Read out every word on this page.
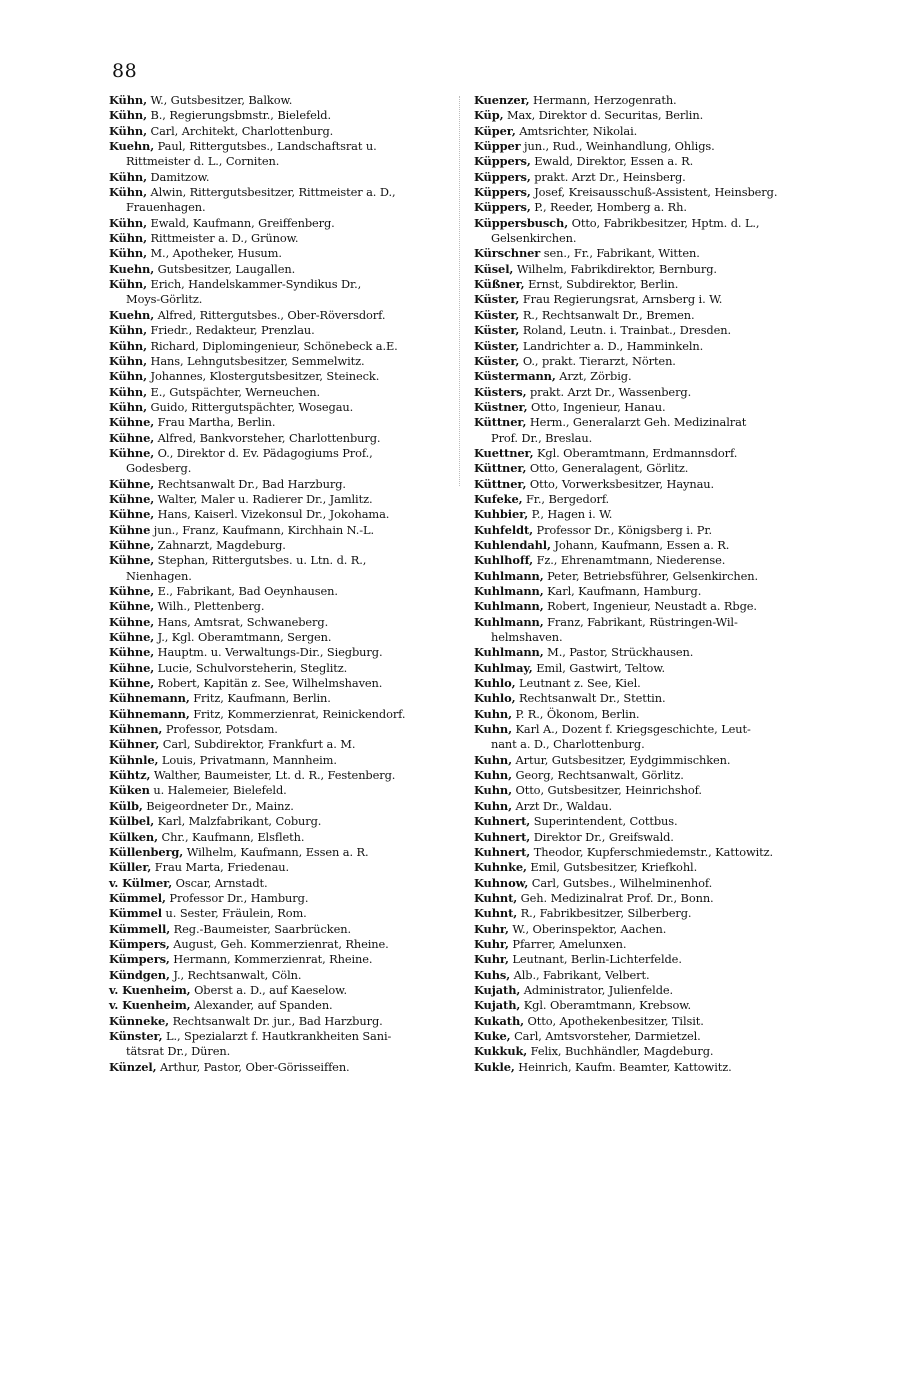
88
Kühn, W., Gutsbesitzer, Balkow.
Kühn, B., Regierungsbmstr., Bielefeld.
Kühn, Carl, Architekt, Charlottenburg.
Kuehn, Paul, Rittergutsbes., Landschaftsrat u.
Rittmeister d. L., Corniten.
Kühn, Damitzow.
Kühn, Alwin, Rittergutsbesitzer, Rittmeister a. D.,
Frauenhagen.
Kühn, Ewald, Kaufmann, Greiffenberg.
Kühn, Rittmeister a. D., Grünow.
Kühn, M., Apotheker, Husum.
Kuehn, Gutsbesitzer, Laugallen.
Kühn, Erich, Handelskammer-Syndikus Dr.,
Moys-Görlitz.
Kuehn, Alfred, Rittergutsbes., Ober-Röversdorf.
Kühn, Friedr., Redakteur, Prenzlau.
Kühn, Richard, Diplomingenieur, Schönebeck a.E.
Kühn, Hans, Lehngutsbesitzer, Semmelwitz.
Kühn, Johannes, Klostergutsbesitzer, Steineck.
Kühn, E., Gutspächter, Werneuchen.
Kühn, Guido, Rittergutspächter, Wosegau.
Kühne, Frau Martha, Berlin.
Kühne, Alfred, Bankvorsteher, Charlottenburg.
Kühne, O., Direktor d. Ev. Pädagogiums Prof.,
Godesberg.
Kühne, Rechtsanwalt Dr., Bad Harzburg.
Kühne, Walter, Maler u. Radierer Dr., Jamlitz.
Kühne, Hans, Kaiserl. Vizekonsul Dr., Jokohama.
Kühne jun., Franz, Kaufmann, Kirchhain N.-L.
Kühne, Zahnarzt, Magdeburg.
Kühne, Stephan, Rittergutsbes. u. Ltn. d. R.,
Nienhagen.
Kühne, E., Fabrikant, Bad Oeynhausen.
Kühne, Wilh., Plettenberg.
Kühne, Hans, Amtsrat, Schwaneberg.
Kühne, J., Kgl. Oberamtmann, Sergen.
Kühne, Hauptm. u. Verwaltungs-Dir., Siegburg.
Kühne, Lucie, Schulvorsteherin, Steglitz.
Kühne, Robert, Kapitän z. See, Wilhelmshaven.
Kühnemann, Fritz, Kaufmann, Berlin.
Kühnemann, Fritz, Kommerzienrat, Reinickendorf.
Kühnen, Professor, Potsdam.
Kühner, Carl, Subdirektor, Frankfurt a. M.
Kühnle, Louis, Privatmann, Mannheim.
Kühtz, Walther, Baumeister, Lt. d. R., Festenberg.
Küken u. Halemeier, Bielefeld.
Külb, Beigeordneter Dr., Mainz.
Külbel, Karl, Malzfabrikant, Coburg.
Külken, Chr., Kaufmann, Elsfleth.
Küllenberg, Wilhelm, Kaufmann, Essen a. R.
Küller, Frau Marta, Friedenau.
v. Külmer, Oscar, Arnstadt.
Kümmel, Professor Dr., Hamburg.
Kümmel u. Sester, Fräulein, Rom.
Kümmell, Reg.-Baumeister, Saarbrücken.
Kümpers, August, Geh. Kommerzienrat, Rheine.
Kümpers, Hermann, Kommerzienrat, Rheine.
Kündgen, J., Rechtsanwalt, Cöln.
v. Kuenheim, Oberst a. D., auf Kaeselow.
v. Kuenheim, Alexander, auf Spanden.
Künneke, Rechtsanwalt Dr. jur., Bad Harzburg.
Künster, L., Spezialarzt f. Hautkrankheiten Sani-
tätsrat Dr., Düren.
Künzel, Arthur, Pastor, Ober-Görisseiffen.
Kuenzer, Hermann, Herzogenrath.
Küp, Max, Direktor d. Securitas, Berlin.
Küper, Amtsrichter, Nikolai.
Küpper jun., Rud., Weinhandlung, Ohligs.
Küppers, Ewald, Direktor, Essen a. R.
Küppers, prakt. Arzt Dr., Heinsberg.
Küppers, Josef, Kreisausschuß-Assistent, Heinsberg.
Küppers, P., Reeder, Homberg a. Rh.
Küppersbusch, Otto, Fabrikbesitzer, Hptm. d. L.,
Gelsenkirchen.
Kürschner sen., Fr., Fabrikant, Witten.
Küsel, Wilhelm, Fabrikdirektor, Bernburg.
Küßner, Ernst, Subdirektor, Berlin.
Küster, Frau Regierungsrat, Arnsberg i. W.
Küster, R., Rechtsanwalt Dr., Bremen.
Küster, Roland, Leutn. i. Trainbat., Dresden.
Küster, Landrichter a. D., Hamminkeln.
Küster, O., prakt. Tierarzt, Nörten.
Küstermann, Arzt, Zörbig.
Küsters, prakt. Arzt Dr., Wassenberg.
Küstner, Otto, Ingenieur, Hanau.
Küttner, Herm., Generalarzt Geh. Medizinalrat
Prof. Dr., Breslau.
Kuettner, Kgl. Oberamtmann, Erdmannsdorf.
Küttner, Otto, Generalagent, Görlitz.
Küttner, Otto, Vorwerksbesitzer, Haynau.
Kufeke, Fr., Bergedorf.
Kuhbier, P., Hagen i. W.
Kuhfeldt, Professor Dr., Königsberg i. Pr.
Kuhlendahl, Johann, Kaufmann, Essen a. R.
Kuhlhoff, Fz., Ehrenamtmann, Niederense.
Kuhlmann, Peter, Betriebsführer, Gelsenkirchen.
Kuhlmann, Karl, Kaufmann, Hamburg.
Kuhlmann, Robert, Ingenieur, Neustadt a. Rbge.
Kuhlmann, Franz, Fabrikant, Rüstringen-Wil-
helmshaven.
Kuhlmann, M., Pastor, Strückhausen.
Kuhlmay, Emil, Gastwirt, Teltow.
Kuhlo, Leutnant z. See, Kiel.
Kuhlo, Rechtsanwalt Dr., Stettin.
Kuhn, P. R., Ökonom, Berlin.
Kuhn, Karl A., Dozent f. Kriegsgeschichte, Leut-
nant a. D., Charlottenburg.
Kuhn, Artur, Gutsbesitzer, Eydgimmischken.
Kuhn, Georg, Rechtsanwalt, Görlitz.
Kuhn, Otto, Gutsbesitzer, Heinrichshof.
Kuhn, Arzt Dr., Waldau.
Kuhnert, Superintendent, Cottbus.
Kuhnert, Direktor Dr., Greifswald.
Kuhnert, Theodor, Kupferschmiedemstr., Kattowitz.
Kuhnke, Emil, Gutsbesitzer, Kriefkohl.
Kuhnow, Carl, Gutsbes., Wilhelminenhof.
Kuhnt, Geh. Medizinalrat Prof. Dr., Bonn.
Kuhnt, R., Fabrikbesitzer, Silberberg.
Kuhr, W., Oberinspektor, Aachen.
Kuhr, Pfarrer, Amelunxen.
Kuhr, Leutnant, Berlin-Lichterfelde.
Kuhs, Alb., Fabrikant, Velbert.
Kujath, Administrator, Julienfelde.
Kujath, Kgl. Oberamtmann, Krebsow.
Kukath, Otto, Apothekenbesitzer, Tilsit.
Kuke, Carl, Amtsvorsteher, Darmietzel.
Kukkuk, Felix, Buchhändler, Magdeburg.
Kukle, Heinrich, Kaufm. Beamter, Kattowitz.
